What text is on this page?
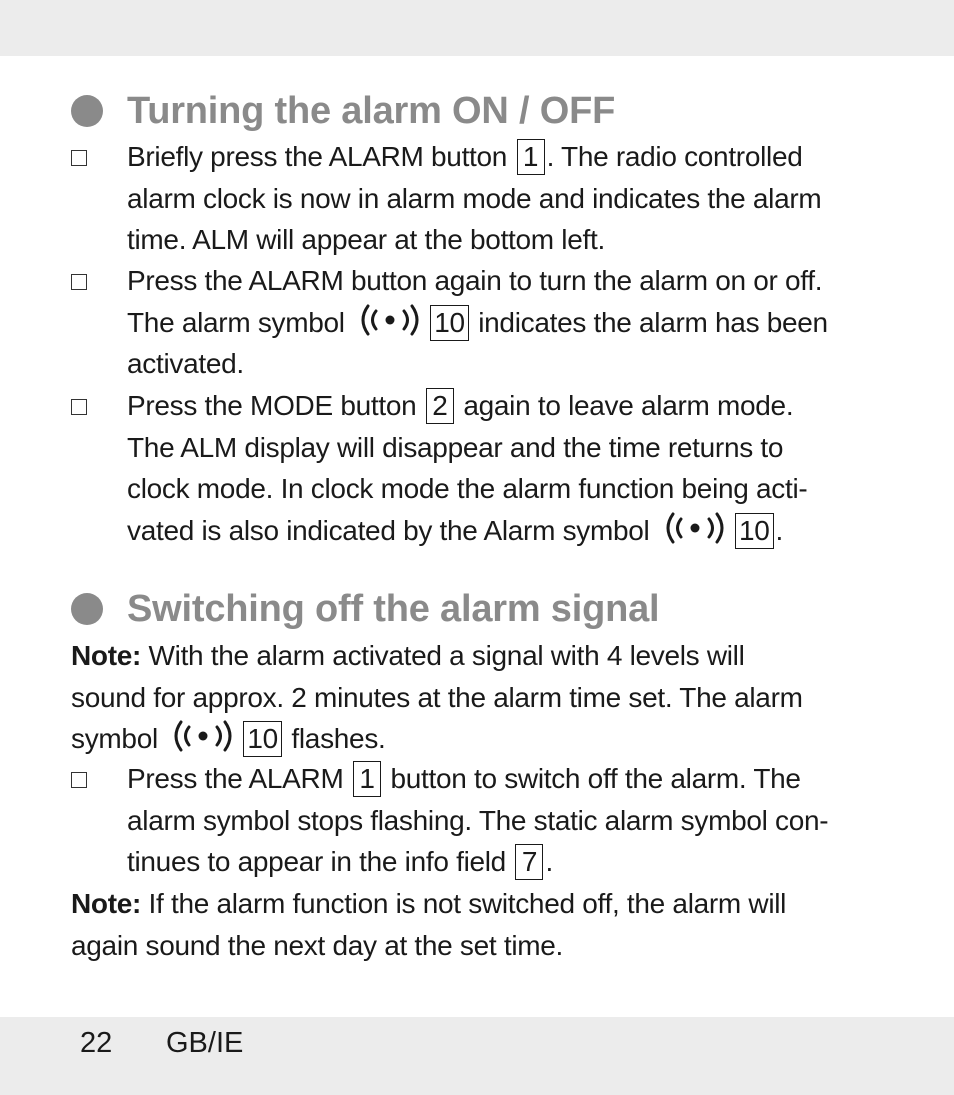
Turning the alarm ON / OFF
Briefly press the ALARM button 1 . The radio controlled
alarm clock is now in alarm mode and indicates the alarm
time. ALM will appear at the bottom left.
Press the ALARM button again to turn the alarm on or off.
The alarm symbol	10 indicates the alarm has been
activated.
Press the MODE button 2 again to leave alarm mode.
The ALM display will disappear and the time returns to
clock mode. In clock mode the alarm function being acti-
vated is also indicated by the Alarm symbol	10 .
Switching off the alarm signal
Note: With the alarm activated a signal with 4 levels will
sound for approx. 2 minutes at the alarm time set. The alarm
symbol	10 flashes.
Press the ALARM 1 button to switch off the alarm. The
alarm symbol stops flashing. The static alarm symbol con-
tinues to appear in the info field 7 .
Note: If the alarm function is not switched off, the alarm will
again sound the next day at the set time.
22 GB/IE
